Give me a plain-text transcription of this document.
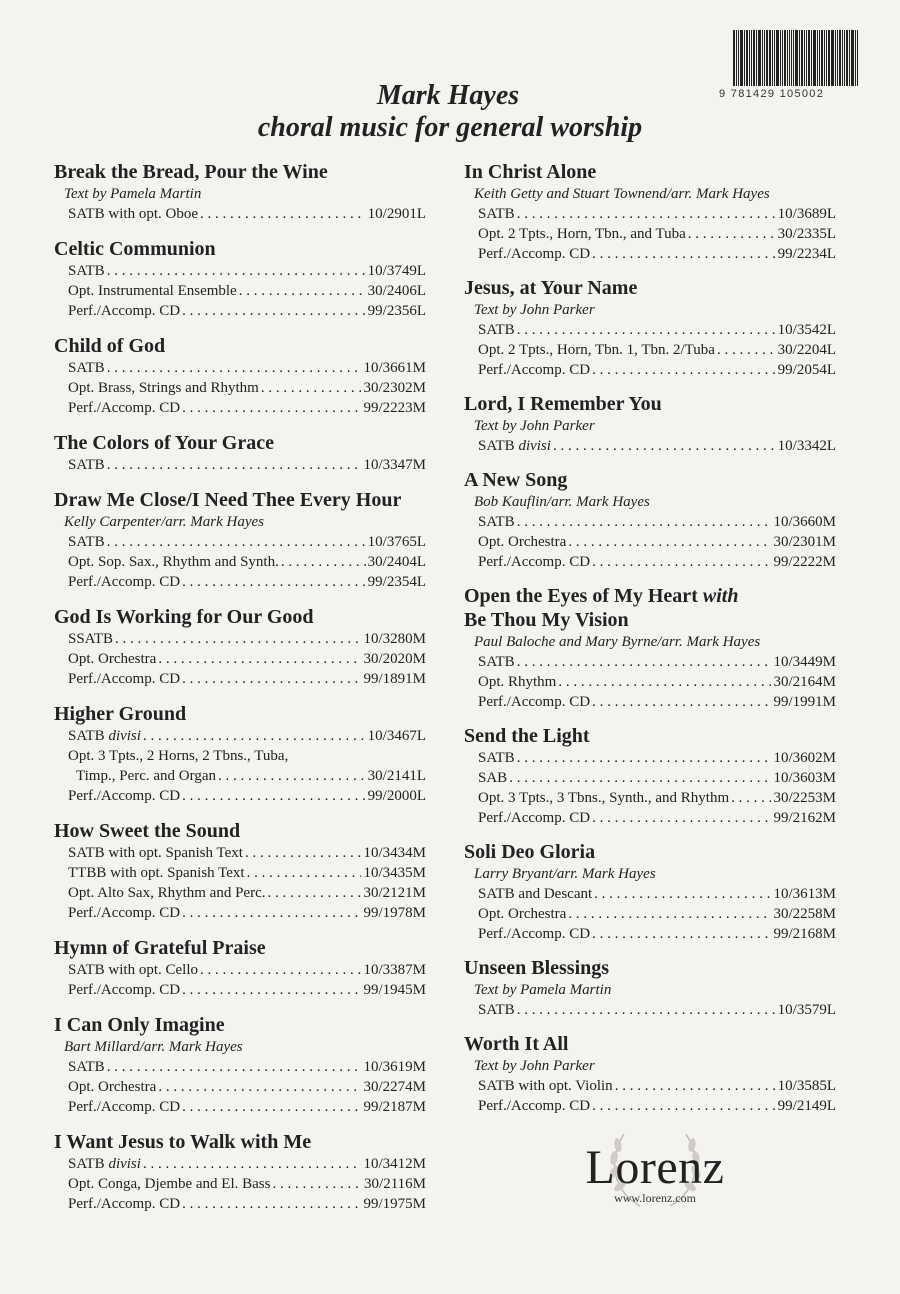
9 781429 105002
Mark Hayes
choral music for general worship
Break the Bread, Pour the Wine
Text by Pamela Martin
SATB with opt. Oboe . . .	10/2901L
Celtic Communion
SATB . . .	10/3749L
Opt. Instrumental Ensemble . . .	30/2406L
Perf./Accomp. CD . . .	99/2356L
Child of God
SATB . . .	10/3661M
Opt. Brass, Strings and Rhythm . . .	30/2302M
Perf./Accomp. CD . . .	99/2223M
The Colors of Your Grace
SATB . . .	10/3347M
Draw Me Close/I Need Thee Every Hour
Kelly Carpenter/arr. Mark Hayes
SATB . . .	10/3765L
Opt. Sop. Sax., Rhythm and Synth. . . .	30/2404L
Perf./Accomp. CD . . .	99/2354L
God Is Working for Our Good
SSATB . . .	10/3280M
Opt. Orchestra . . .	30/2020M
Perf./Accomp. CD . . .	99/1891M
Higher Ground
SATB divisi . . .	10/3467L
Opt. 3 Tpts., 2 Horns, 2 Tbns., Tuba,
Timp., Perc. and Organ . . .	30/2141L
Perf./Accomp. CD . . .	99/2000L
How Sweet the Sound
SATB with opt. Spanish Text . . .	10/3434M
TTBB with opt. Spanish Text . . .	10/3435M
Opt. Alto Sax, Rhythm and Perc. . . .	30/2121M
Perf./Accomp. CD . . .	99/1978M
Hymn of Grateful Praise
SATB with opt. Cello . . .	10/3387M
Perf./Accomp. CD . . .	99/1945M
I Can Only Imagine
Bart Millard/arr. Mark Hayes
SATB . . .	10/3619M
Opt. Orchestra . . .	30/2274M
Perf./Accomp. CD . . .	99/2187M
I Want Jesus to Walk with Me
SATB divisi . . .	10/3412M
Opt. Conga, Djembe and El. Bass . . .	30/2116M
Perf./Accomp. CD . . .	99/1975M
In Christ Alone
Keith Getty and Stuart Townend/arr. Mark Hayes
SATB . . .	10/3689L
Opt. 2 Tpts., Horn, Tbn., and Tuba . . .	30/2335L
Perf./Accomp. CD . . .	99/2234L
Jesus, at Your Name
Text by John Parker
SATB . . .	10/3542L
Opt. 2 Tpts., Horn, Tbn. 1, Tbn. 2/Tuba . . .	30/2204L
Perf./Accomp. CD . . .	99/2054L
Lord, I Remember You
Text by John Parker
SATB divisi . . .	10/3342L
A New Song
Bob Kauflin/arr. Mark Hayes
SATB . . .	10/3660M
Opt. Orchestra . . .	30/2301M
Perf./Accomp. CD . . .	99/2222M
Open the Eyes of My Heart with
Be Thou My Vision
Paul Baloche and Mary Byrne/arr. Mark Hayes
SATB . . .	10/3449M
Opt. Rhythm . . .	30/2164M
Perf./Accomp. CD . . .	99/1991M
Send the Light
SATB . . .	10/3602M
SAB . . .	10/3603M
Opt. 3 Tpts., 3 Tbns., Synth., and Rhythm . . .	30/2253M
Perf./Accomp. CD . . .	99/2162M
Soli Deo Gloria
Larry Bryant/arr. Mark Hayes
SATB and Descant . . .	10/3613M
Opt. Orchestra . . .	30/2258M
Perf./Accomp. CD . . .	99/2168M
Unseen Blessings
Text by Pamela Martin
SATB . . .	10/3579L
Worth It All
Text by John Parker
SATB with opt. Violin . . .	10/3585L
Perf./Accomp. CD . . .	99/2149L
Lorenz
www.lorenz.com
